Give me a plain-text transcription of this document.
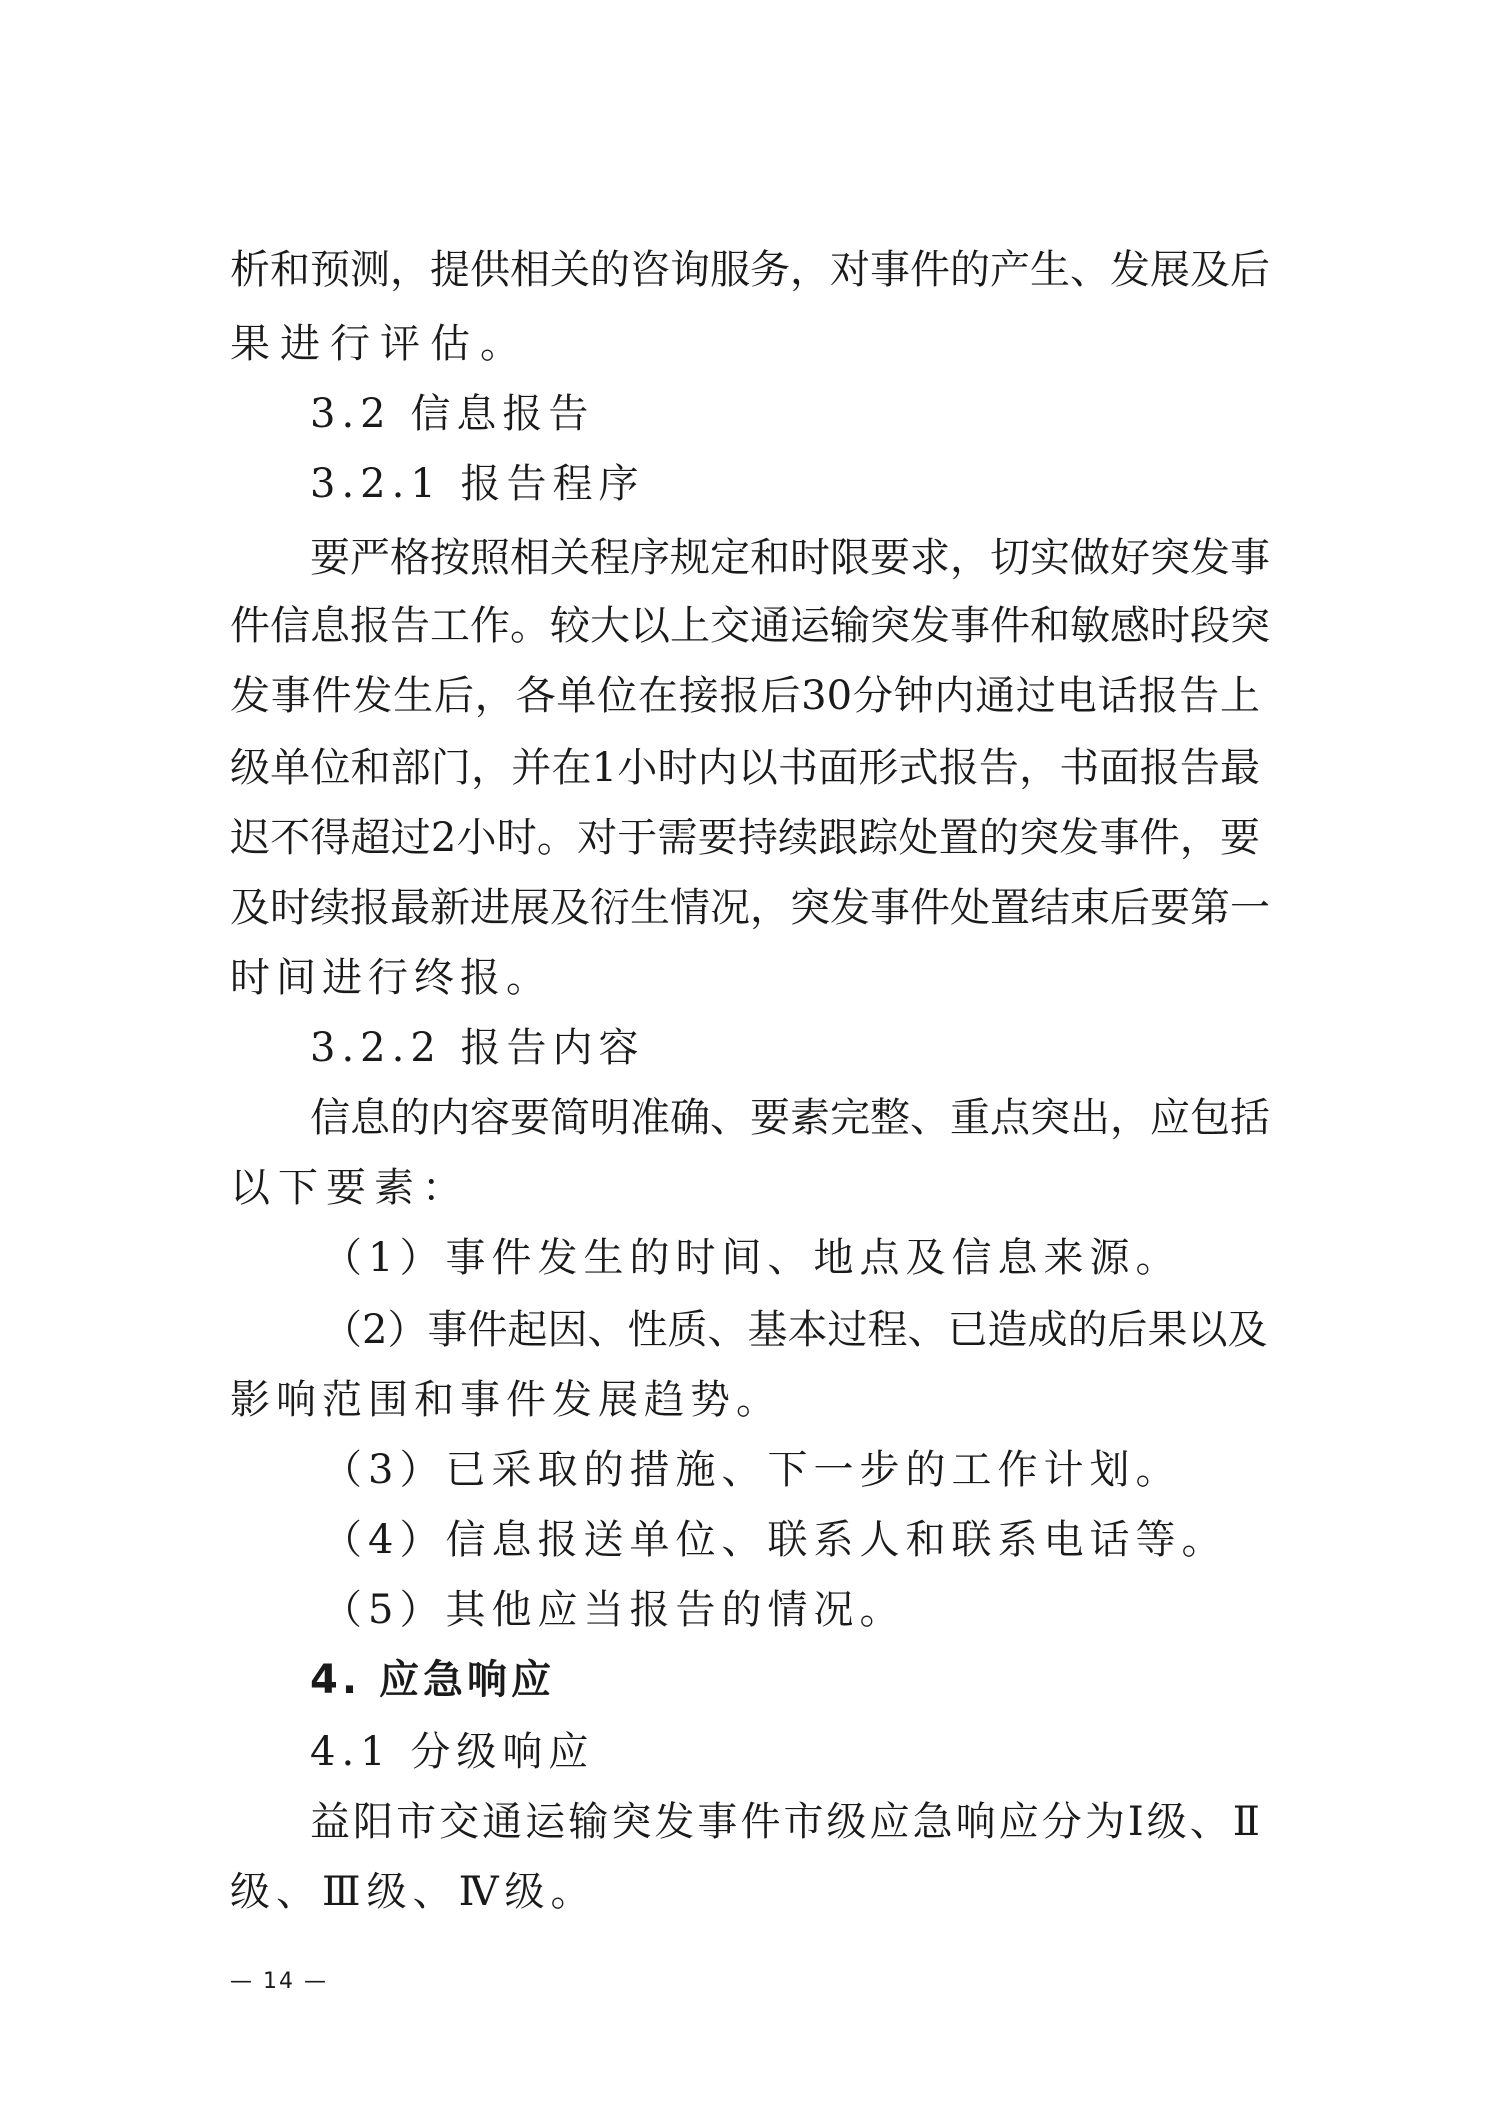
析和预测，提供相关的咨询服务，对事件的产生、发展及后
果进行评估。
3.2 信息报告
3.2.1 报告程序
要严格按照相关程序规定和时限要求，切实做好突发事
件信息报告工作。较大以上交通运输突发事件和敏感时段突
发事件发生后，各单位在接报后30分钟内通过电话报告上
级单位和部门，并在1小时内以书面形式报告，书面报告最
迟不得超过2小时。对于需要持续跟踪处置的突发事件，要
及时续报最新进展及衍生情况，突发事件处置结束后要第一
时间进行终报。
3.2.2 报告内容
信息的内容要简明准确、要素完整、重点突出，应包括
以下要素：
（1）事件发生的时间、地点及信息来源。
（2）事件起因、性质、基本过程、已造成的后果以及
影响范围和事件发展趋势。
（3）已采取的措施、下一步的工作计划。
（4）信息报送单位、联系人和联系电话等。
（5）其他应当报告的情况。
4. 应急响应
4.1 分级响应
益阳市交通运输突发事件市级应急响应分为Ⅰ级、Ⅱ
级、Ⅲ级、Ⅳ级。
— 14 —
